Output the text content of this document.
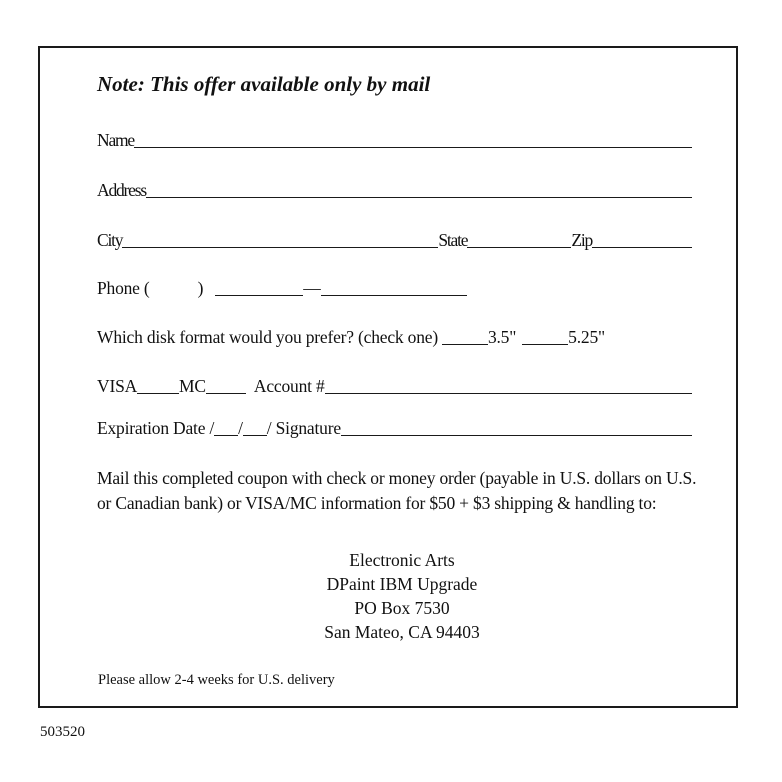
Note: This offer available only by mail
Name
Address
City	State	Zip
Phone (	)	—
Which disk format would you prefer? (check one)	3.5"	5.25"
VISA MC	Account #
Expiration Date / / / Signature
Mail this completed coupon with check or money order (payable in U.S. dollars on U.S. or Canadian bank) or VISA/MC information for $50 + $3 shipping & handling to:
Electronic Arts
DPaint IBM Upgrade
PO Box 7530
San Mateo, CA 94403
Please allow 2-4 weeks for U.S. delivery
503520
